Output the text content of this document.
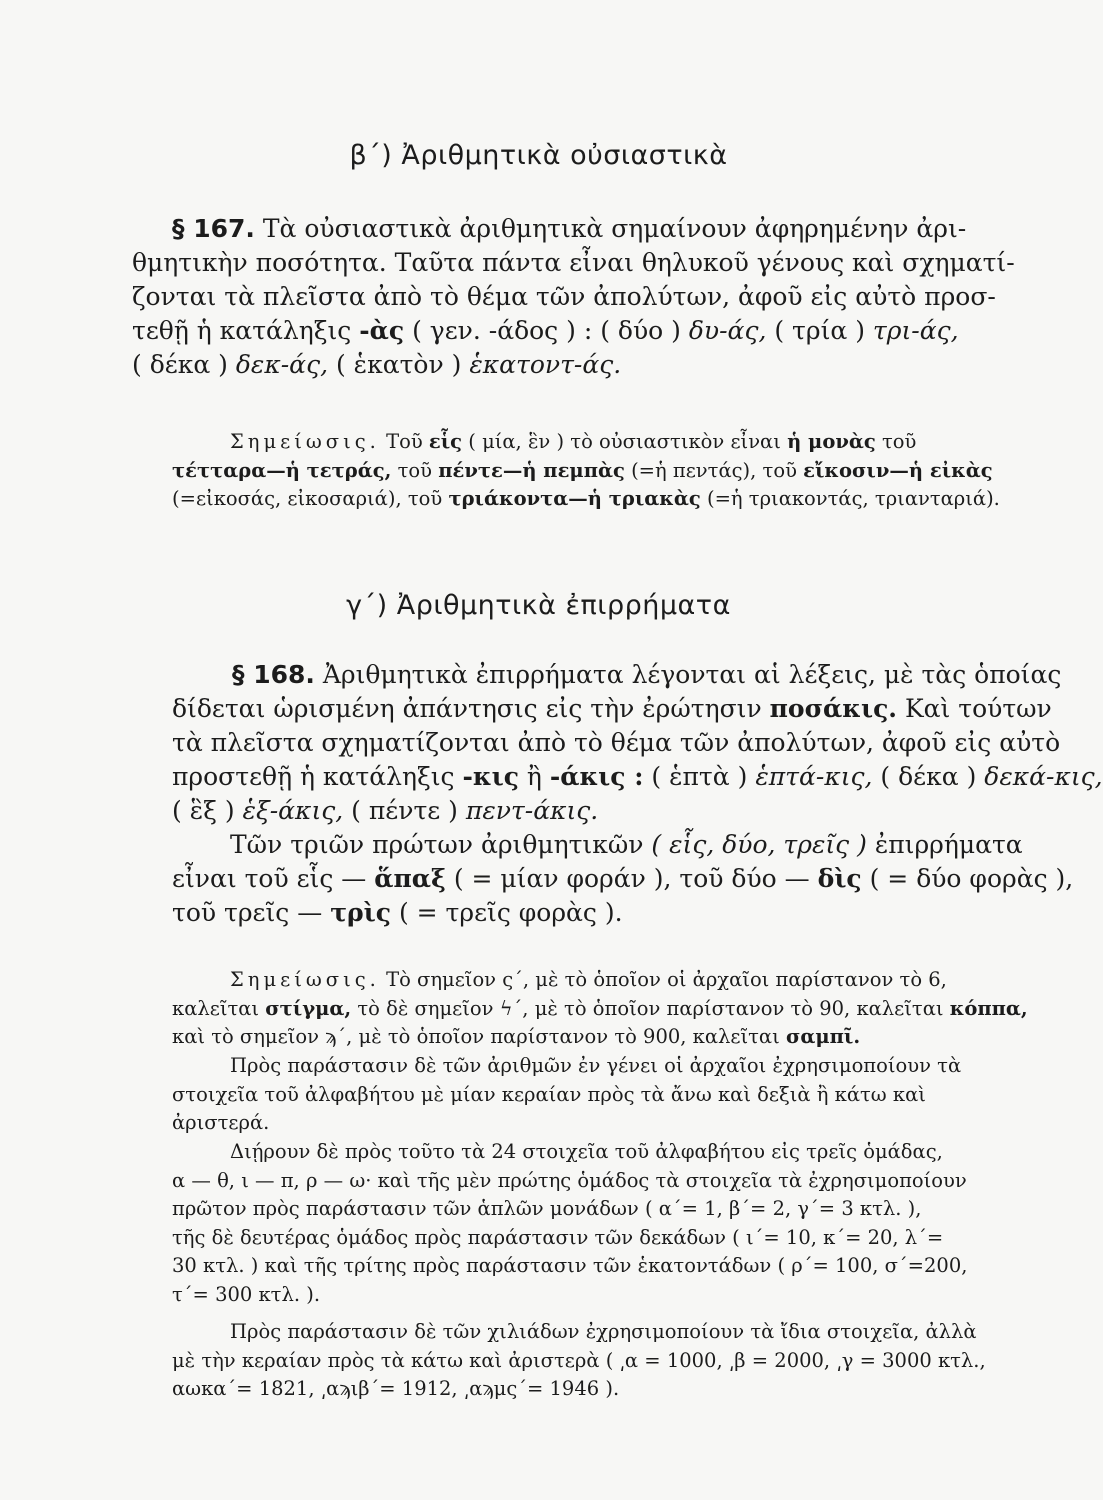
β΄) Ἀριθμητικὰ οὐσιαστικὰ
§ 167. Τὰ οὐσιαστικὰ ἀριθμητικὰ σημαίνουν ἀφηρημένην ἀρι-
θμητικὴν ποσότητα. Ταῦτα πάντα εἶναι θηλυκοῦ γένους καὶ σχηματί-
ζονται τὰ πλεῖστα ἀπὸ τὸ θέμα τῶν ἀπολύτων, ἀφοῦ εἰς αὐτὸ προσ-
τεθῇ ἡ κατάληξις -ὰς ( γεν. -άδος ) : ( δύο ) δυ-άς, ( τρία ) τρι-άς,
( δέκα ) δεκ-άς, ( ἑκατὸν ) ἑκατοντ-άς.
Σημείωσις. Τοῦ εἷς ( μία, ἓν ) τὸ οὐσιαστικὸν εἶναι ἡ μονὰς τοῦ
τέτταρα—ἡ τετράς, τοῦ πέντε—ἡ πεμπὰς (=ἡ πεντάς), τοῦ εἴκοσιν—ἡ εἰκὰς
(=εἰκοσάς, εἰκοσαριά), τοῦ τριάκοντα—ἡ τριακὰς (=ἡ τριακοντάς, τριανταριά).
γ΄) Ἀριθμητικὰ ἐπιρρήματα
§ 168. Ἀριθμητικὰ ἐπιρρήματα λέγονται αἱ λέξεις, μὲ τὰς ὁποίας
δίδεται ὡρισμένη ἀπάντησις εἰς τὴν ἐρώτησιν ποσάκις. Καὶ τούτων
τὰ πλεῖστα σχηματίζονται ἀπὸ τὸ θέμα τῶν ἀπολύτων, ἀφοῦ εἰς αὐτὸ
προστεθῇ ἡ κατάληξις -κις ἢ -άκις : ( ἑπτὰ ) ἑπτά-κις, ( δέκα ) δεκά-κις,
( ἓξ ) ἑξ-άκις, ( πέντε ) πεντ-άκις.
Τῶν τριῶν πρώτων ἀριθμητικῶν ( εἷς, δύο, τρεῖς ) ἐπιρρήματα
εἶναι τοῦ εἷς — ἅπαξ ( = μίαν φοράν ), τοῦ δύο — δὶς ( = δύο φορὰς ),
τοῦ τρεῖς — τρὶς ( = τρεῖς φορὰς ).
Σημείωσις. Τὸ σημεῖον ς΄, μὲ τὸ ὁποῖον οἱ ἀρχαῖοι παρίστανον τὸ 6,
καλεῖται στίγμα, τὸ δὲ σημεῖον ϟ΄, μὲ τὸ ὁποῖον παρίστανον τὸ 90, καλεῖται κόππα,
καὶ τὸ σημεῖον ϡ΄, μὲ τὸ ὁποῖον παρίστανον τὸ 900, καλεῖται σαμπῖ.
Πρὸς παράστασιν δὲ τῶν ἀριθμῶν ἐν γένει οἱ ἀρχαῖοι ἐχρησιμοποίουν τὰ
στοιχεῖα τοῦ ἀλφαβήτου μὲ μίαν κεραίαν πρὸς τὰ ἄνω καὶ δεξιὰ ἢ κάτω καὶ
ἀριστερά.
Διῄρουν δὲ πρὸς τοῦτο τὰ 24 στοιχεῖα τοῦ ἀλφαβήτου εἰς τρεῖς ὁμάδας,
α — θ, ι — π, ρ — ω· καὶ τῆς μὲν πρώτης ὁμάδος τὰ στοιχεῖα τὰ ἐχρησιμοποίουν
πρῶτον πρὸς παράστασιν τῶν ἁπλῶν μονάδων ( α΄= 1, β΄= 2, γ΄= 3 κτλ. ),
τῆς δὲ δευτέρας ὁμάδος πρὸς παράστασιν τῶν δεκάδων ( ι΄= 10, κ΄= 20, λ΄=
30 κτλ. ) καὶ τῆς τρίτης πρὸς παράστασιν τῶν ἑκατοντάδων ( ρ΄= 100, σ΄=200,
τ΄= 300 κτλ. ).
Πρὸς παράστασιν δὲ τῶν χιλιάδων ἐχρησιμοποίουν τὰ ἴδια στοιχεῖα, ἀλλὰ
μὲ τὴν κεραίαν πρὸς τὰ κάτω καὶ ἀριστερὰ ( ͵α = 1000, ͵β = 2000, ͵γ = 3000 κτλ.,
αωκα΄= 1821, ͵αϡιβ΄= 1912, ͵αϡμς΄= 1946 ).
